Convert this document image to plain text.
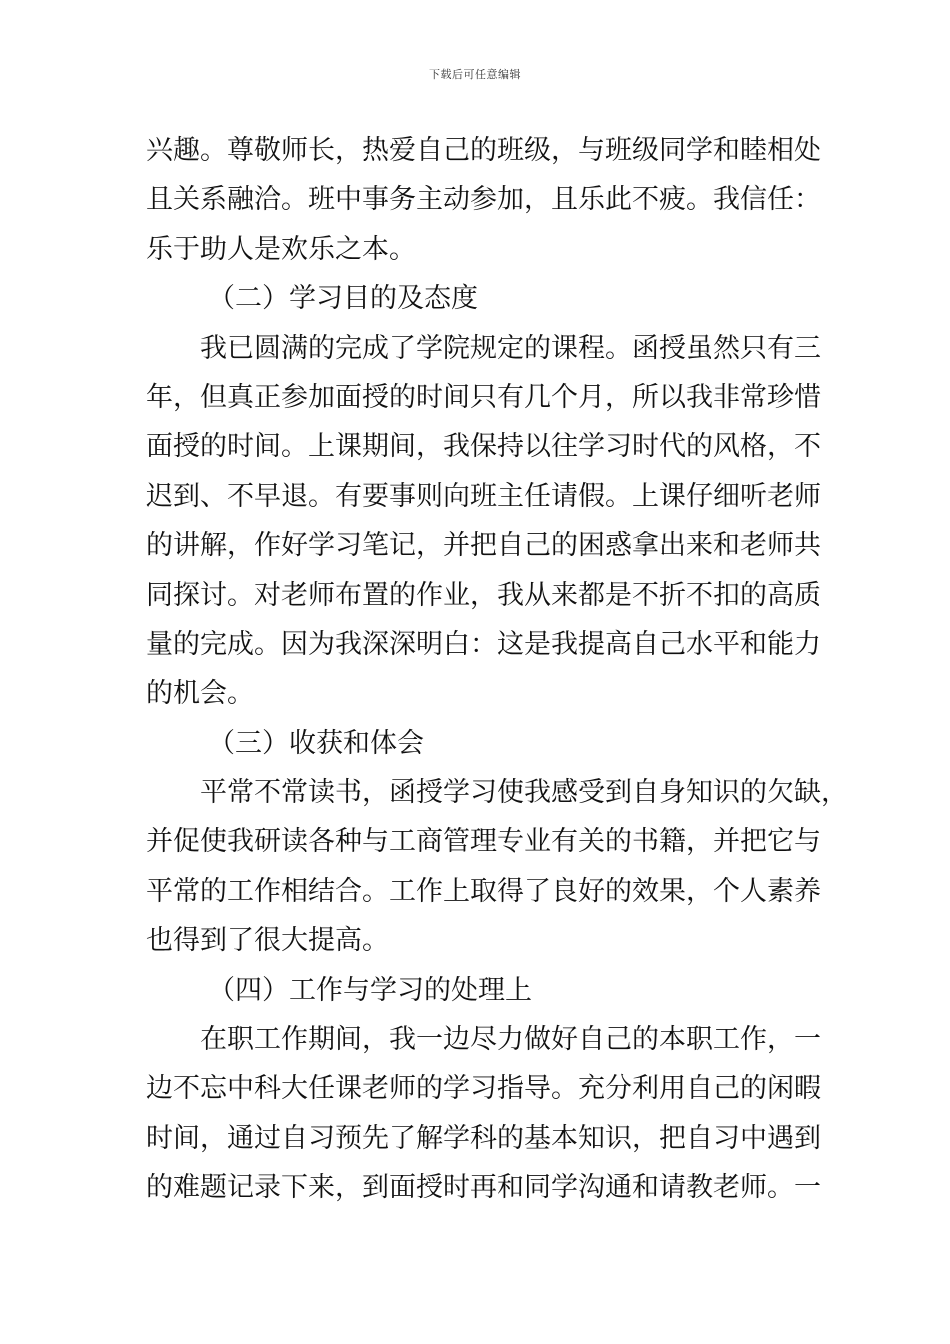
下载后可任意编辑
兴趣。尊敬师长，热爱自己的班级，与班级同学和睦相处
且关系融洽。班中事务主动参加，且乐此不疲。我信任：
乐于助人是欢乐之本。
（二）学习目的及态度
我已圆满的完成了学院规定的课程。函授虽然只有三
年，但真正参加面授的时间只有几个月，所以我非常珍惜
面授的时间。上课期间，我保持以往学习时代的风格，不
迟到、不早退。有要事则向班主任请假。上课仔细听老师
的讲解，作好学习笔记，并把自己的困惑拿出来和老师共
同探讨。对老师布置的作业，我从来都是不折不扣的高质
量的完成。因为我深深明白：这是我提高自己水平和能力
的机会。
（三）收获和体会
平常不常读书，函授学习使我感受到自身知识的欠缺，
并促使我研读各种与工商管理专业有关的书籍，并把它与
平常的工作相结合。工作上取得了良好的效果，个人素养
也得到了很大提高。
（四）工作与学习的处理上
在职工作期间，我一边尽力做好自己的本职工作，一
边不忘中科大任课老师的学习指导。充分利用自己的闲暇
时间，通过自习预先了解学科的基本知识，把自习中遇到
的难题记录下来，到面授时再和同学沟通和请教老师。一
